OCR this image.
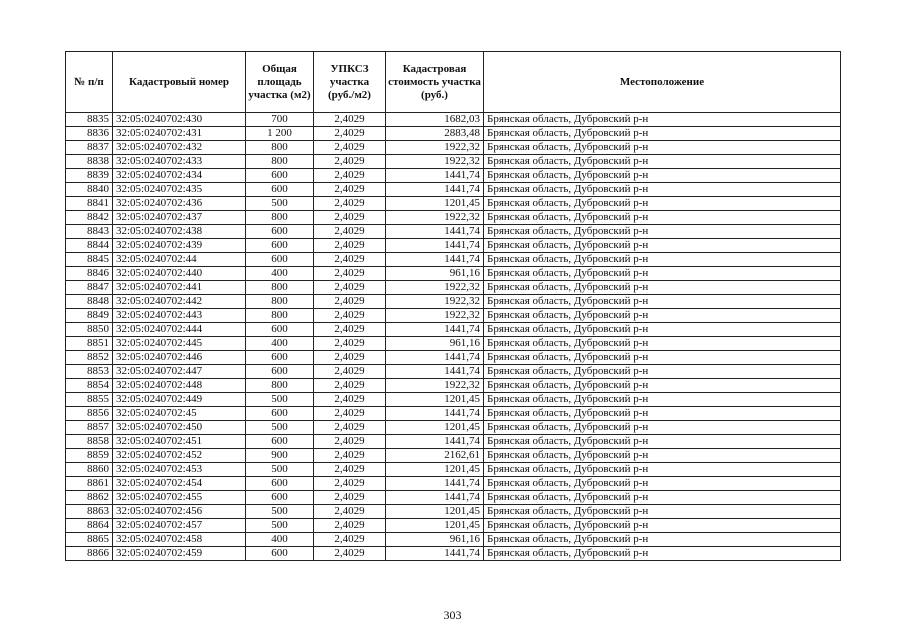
№ п/п	Кадастровый номер	Общая площадь участка (м2)	УПКСЗ участка (руб./м2)	Кадастровая стоимость участка (руб.)	Местоположение
8835	32:05:0240702:430	700	2,4029	1682,03	Брянская область, Дубровский р-н
8836	32:05:0240702:431	1 200	2,4029	2883,48	Брянская область, Дубровский р-н
8837	32:05:0240702:432	800	2,4029	1922,32	Брянская область, Дубровский р-н
8838	32:05:0240702:433	800	2,4029	1922,32	Брянская область, Дубровский р-н
8839	32:05:0240702:434	600	2,4029	1441,74	Брянская область, Дубровский р-н
8840	32:05:0240702:435	600	2,4029	1441,74	Брянская область, Дубровский р-н
8841	32:05:0240702:436	500	2,4029	1201,45	Брянская область, Дубровский р-н
8842	32:05:0240702:437	800	2,4029	1922,32	Брянская область, Дубровский р-н
8843	32:05:0240702:438	600	2,4029	1441,74	Брянская область, Дубровский р-н
8844	32:05:0240702:439	600	2,4029	1441,74	Брянская область, Дубровский р-н
8845	32:05:0240702:44	600	2,4029	1441,74	Брянская область, Дубровский р-н
8846	32:05:0240702:440	400	2,4029	961,16	Брянская область, Дубровский р-н
8847	32:05:0240702:441	800	2,4029	1922,32	Брянская область, Дубровский р-н
8848	32:05:0240702:442	800	2,4029	1922,32	Брянская область, Дубровский р-н
8849	32:05:0240702:443	800	2,4029	1922,32	Брянская область, Дубровский р-н
8850	32:05:0240702:444	600	2,4029	1441,74	Брянская область, Дубровский р-н
8851	32:05:0240702:445	400	2,4029	961,16	Брянская область, Дубровский р-н
8852	32:05:0240702:446	600	2,4029	1441,74	Брянская область, Дубровский р-н
8853	32:05:0240702:447	600	2,4029	1441,74	Брянская область, Дубровский р-н
8854	32:05:0240702:448	800	2,4029	1922,32	Брянская область, Дубровский р-н
8855	32:05:0240702:449	500	2,4029	1201,45	Брянская область, Дубровский р-н
8856	32:05:0240702:45	600	2,4029	1441,74	Брянская область, Дубровский р-н
8857	32:05:0240702:450	500	2,4029	1201,45	Брянская область, Дубровский р-н
8858	32:05:0240702:451	600	2,4029	1441,74	Брянская область, Дубровский р-н
8859	32:05:0240702:452	900	2,4029	2162,61	Брянская область, Дубровский р-н
8860	32:05:0240702:453	500	2,4029	1201,45	Брянская область, Дубровский р-н
8861	32:05:0240702:454	600	2,4029	1441,74	Брянская область, Дубровский р-н
8862	32:05:0240702:455	600	2,4029	1441,74	Брянская область, Дубровский р-н
8863	32:05:0240702:456	500	2,4029	1201,45	Брянская область, Дубровский р-н
8864	32:05:0240702:457	500	2,4029	1201,45	Брянская область, Дубровский р-н
8865	32:05:0240702:458	400	2,4029	961,16	Брянская область, Дубровский р-н
8866	32:05:0240702:459	600	2,4029	1441,74	Брянская область, Дубровский р-н
303
